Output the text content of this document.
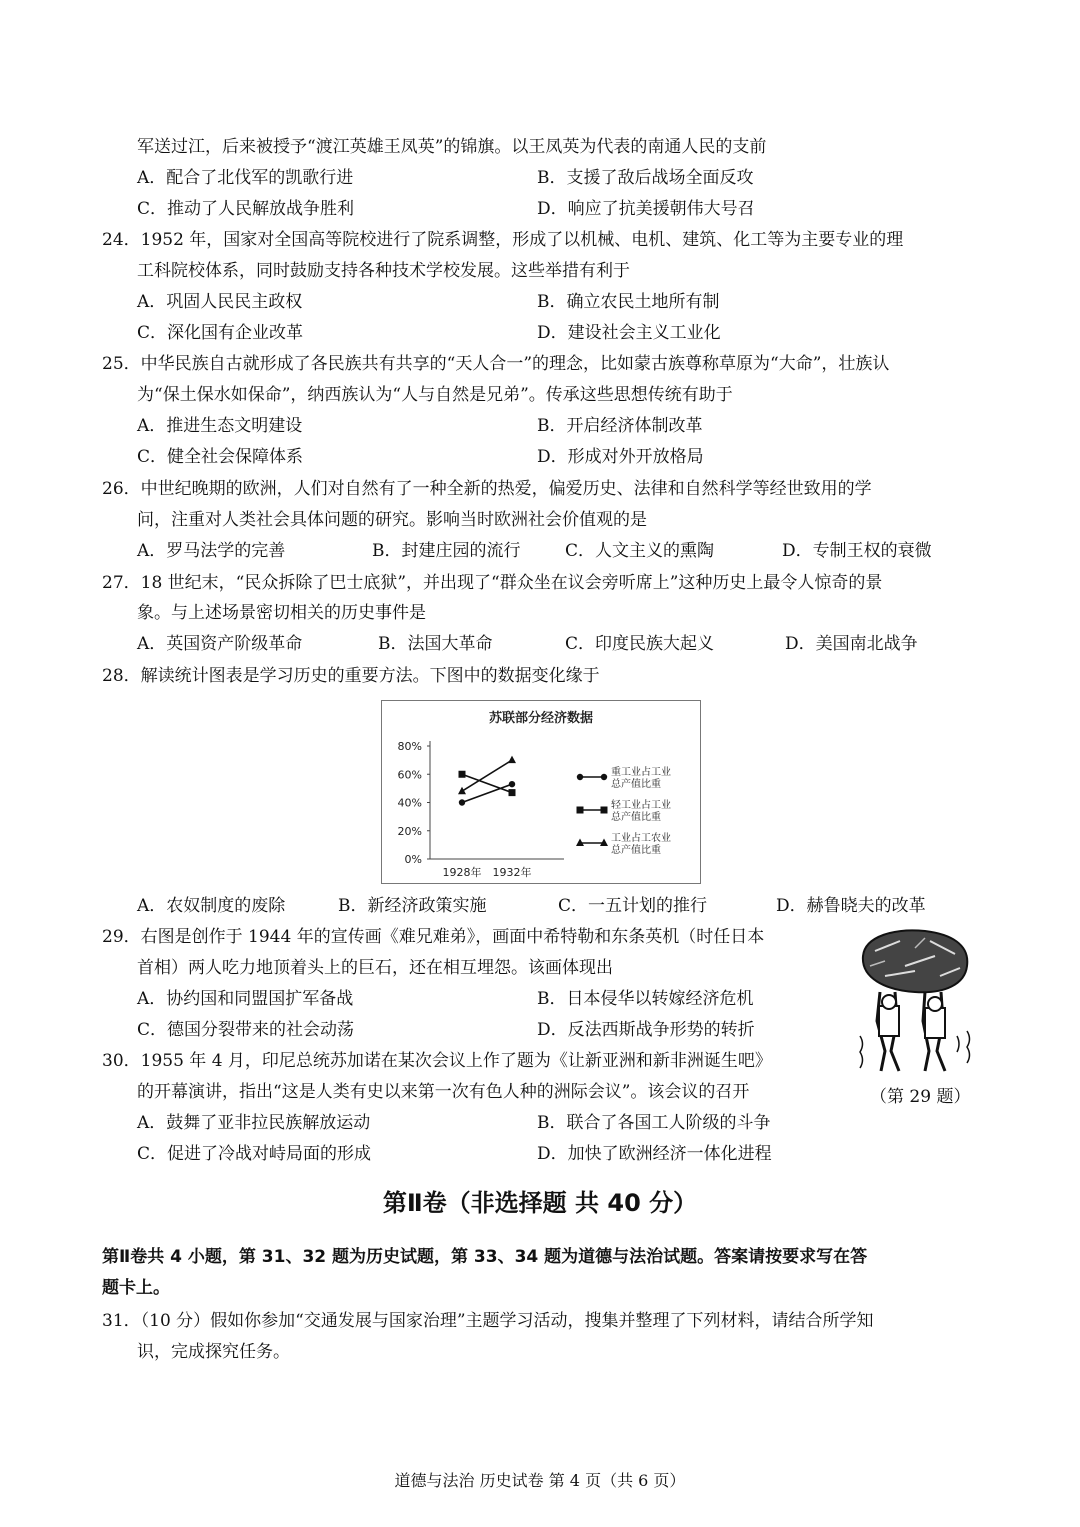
军送过江，后来被授予“渡江英雄王凤英”的锦旗。以王凤英为代表的南通人民的支前
A．配合了北伐军的凯歌行进	B．支援了敌后战场全面反攻
C．推动了人民解放战争胜利	D．响应了抗美援朝伟大号召
24．1952 年，国家对全国高等院校进行了院系调整，形成了以机械、电机、建筑、化工等为主要专业的理
工科院校体系，同时鼓励支持各种技术学校发展。这些举措有利于
A．巩固人民民主政权	B．确立农民土地所有制
C．深化国有企业改革	D．建设社会主义工业化
25．中华民族自古就形成了各民族共有共享的“天人合一”的理念，比如蒙古族尊称草原为“大命”，壮族认
为“保土保水如保命”，纳西族认为“人与自然是兄弟”。传承这些思想传统有助于
A．推进生态文明建设	B．开启经济体制改革
C．健全社会保障体系	D．形成对外开放格局
26．中世纪晚期的欧洲，人们对自然有了一种全新的热爱，偏爱历史、法律和自然科学等经世致用的学
问，注重对人类社会具体问题的研究。影响当时欧洲社会价值观的是
A．罗马法学的完善	B．封建庄园的流行	C．人文主义的熏陶	D．专制王权的衰微
27．18 世纪末，“民众拆除了巴士底狱”，并出现了“群众坐在议会旁听席上”这种历史上最令人惊奇的景
象。与上述场景密切相关的历史事件是
A．英国资产阶级革命	B．法国大革命	C．印度民族大起义	D．美国南北战争
28．解读统计图表是学习历史的重要方法。下图中的数据变化缘于
苏联部分经济数据
80%
60%
40%
20%
0%
1928年 1932年
重工业占工业
总产值比重
轻工业占工业
总产值比重
工业占工农业
总产值比重
A．农奴制度的废除	B．新经济政策实施	C．一五计划的推行	D．赫鲁晓夫的改革
29．右图是创作于 1944 年的宣传画《难兄难弟》，画面中希特勒和东条英机（时任日本
首相）两人吃力地顶着头上的巨石，还在相互埋怨。该画体现出
A．协约国和同盟国扩军备战	B．日本侵华以转嫁经济危机
C．德国分裂带来的社会动荡	D．反法西斯战争形势的转折
（第 29 题）
30．1955 年 4 月，印尼总统苏加诺在某次会议上作了题为《让新亚洲和新非洲诞生吧》
的开幕演讲，指出“这是人类有史以来第一次有色人种的洲际会议”。该会议的召开
A．鼓舞了亚非拉民族解放运动	B．联合了各国工人阶级的斗争
C．促进了冷战对峙局面的形成	D．加快了欧洲经济一体化进程
第Ⅱ卷（非选择题 共 40 分）
第Ⅱ卷共 4 小题，第 31、32 题为历史试题，第 33、34 题为道德与法治试题。答案请按要求写在答
题卡上。
31．（10 分）假如你参加“交通发展与国家治理”主题学习活动，搜集并整理了下列材料，请结合所学知
识，完成探究任务。
道德与法治 历史试卷 第 4 页（共 6 页）
